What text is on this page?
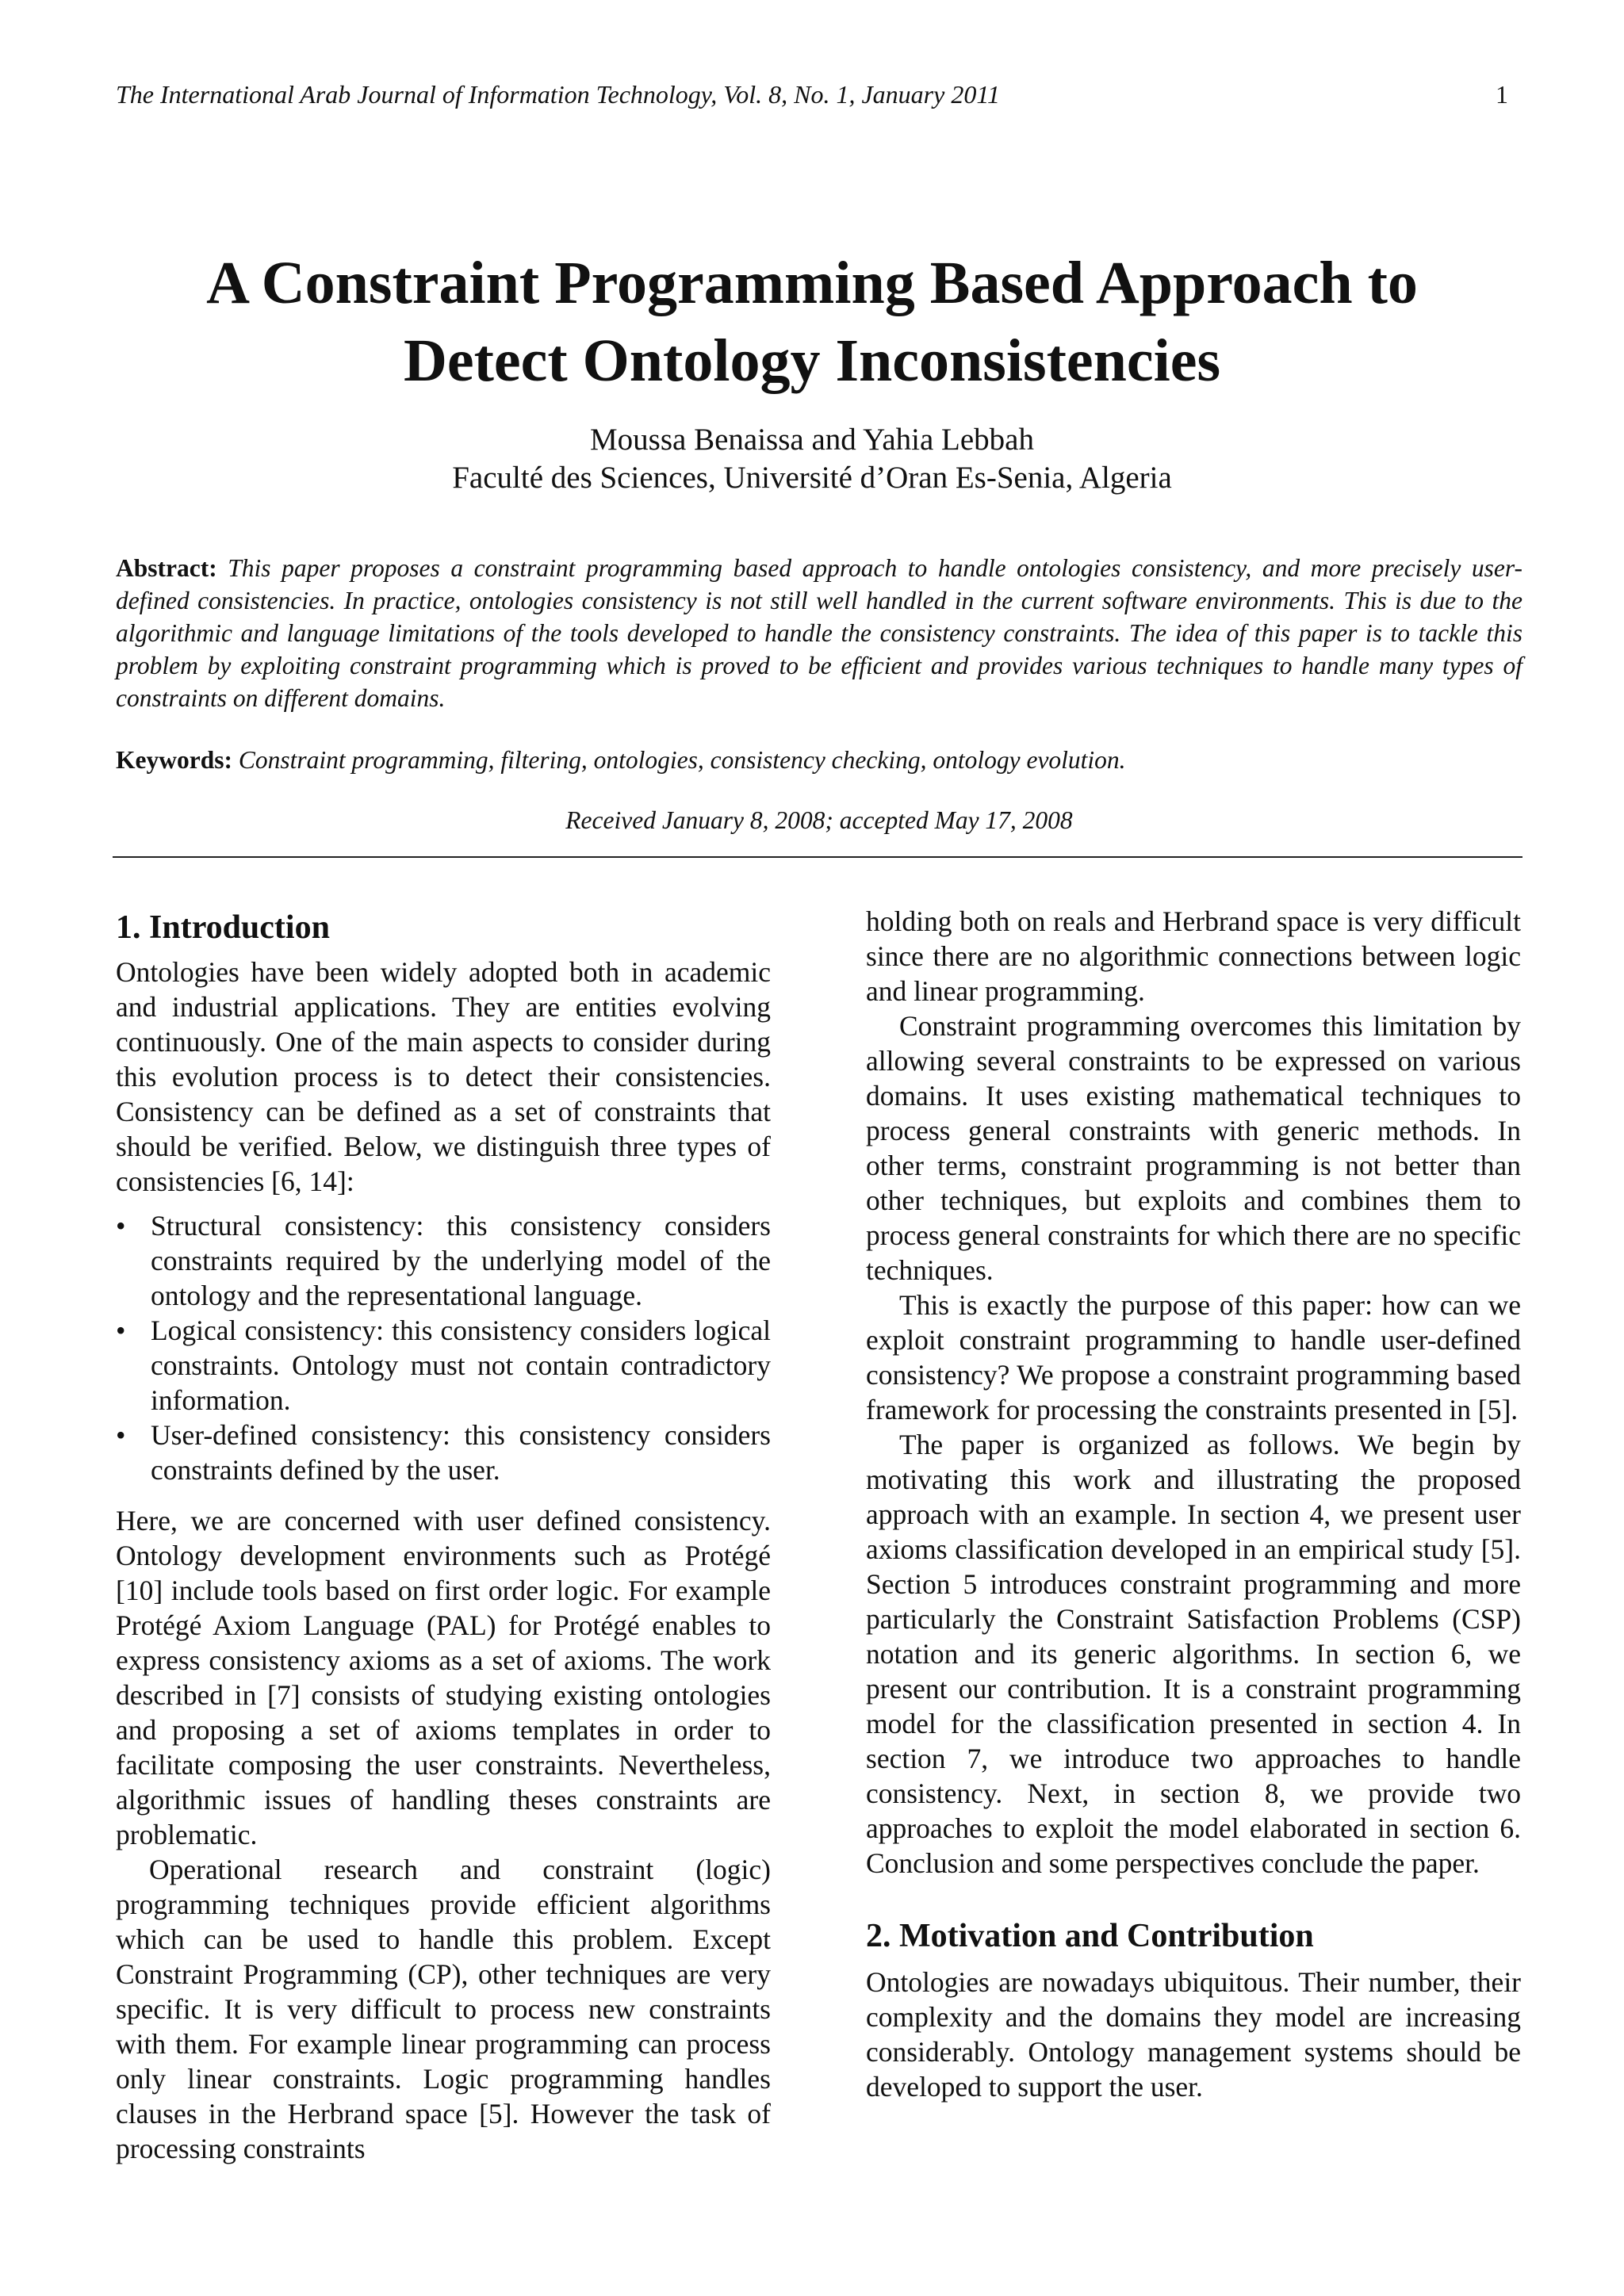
The International Arab Journal of Information Technology, Vol. 8, No. 1, January 2011	1
A Constraint Programming Based Approach to
Detect Ontology Inconsistencies
Moussa Benaissa and Yahia Lebbah
Faculté des Sciences, Université d’Oran Es-Senia, Algeria

Abstract: This paper proposes a constraint programming based approach to handle ontologies consistency, and more precisely user-defined consistencies. In practice, ontologies consistency is not still well handled in the current software environments. This is due to the algorithmic and language limitations of the tools developed to handle the consistency constraints. The idea of this paper is to tackle this problem by exploiting constraint programming which is proved to be efficient and provides various techniques to handle many types of constraints on different domains.

Keywords: Constraint programming, filtering, ontologies, consistency checking, ontology evolution.

Received January 8, 2008; accepted May 17, 2008
1. Introduction

Ontologies have been widely adopted both in academic and industrial applications. They are entities evolving continuously. One of the main aspects to consider during this evolution process is to detect their consistencies. Consistency can be defined as a set of constraints that should be verified. Below, we distinguish three types of consistencies [6, 14]:

• Structural consistency: this consistency considers constraints required by the underlying model of the ontology and the representational language.
• Logical consistency: this consistency considers logical constraints. Ontology must not contain contradictory information.
• User-defined consistency: this consistency considers constraints defined by the user.

Here, we are concerned with user defined consistency. Ontology development environments such as Protégé [10] include tools based on first order logic. For example Protégé Axiom Language (PAL) for Protégé enables to express consistency axioms as a set of axioms. The work described in [7] consists of studying existing ontologies and proposing a set of axioms templates in order to facilitate composing the user constraints. Nevertheless, algorithmic issues of handling theses constraints are problematic.

Operational research and constraint (logic) programming techniques provide efficient algorithms which can be used to handle this problem. Except Constraint Programming (CP), other techniques are very specific. It is very difficult to process new constraints with them. For example linear programming can process only linear constraints. Logic programming handles clauses in the Herbrand space [5]. However the task of processing constraints

holding both on reals and Herbrand space is very difficult since there are no algorithmic connections between logic and linear programming.

Constraint programming overcomes this limitation by allowing several constraints to be expressed on various domains. It uses existing mathematical techniques to process general constraints with generic methods. In other terms, constraint programming is not better than other techniques, but exploits and combines them to process general constraints for which there are no specific techniques.

This is exactly the purpose of this paper: how can we exploit constraint programming to handle user-defined consistency? We propose a constraint programming based framework for processing the constraints presented in [5].

The paper is organized as follows. We begin by motivating this work and illustrating the proposed approach with an example. In section 4, we present user axioms classification developed in an empirical study [5]. Section 5 introduces constraint programming and more particularly the Constraint Satisfaction Problems (CSP) notation and its generic algorithms. In section 6, we present our contribution. It is a constraint programming model for the classification presented in section 4. In section 7, we introduce two approaches to handle consistency. Next, in section 8, we provide two approaches to exploit the model elaborated in section 6. Conclusion and some perspectives conclude the paper.

2. Motivation and Contribution

Ontologies are nowadays ubiquitous. Their number, their complexity and the domains they model are increasing considerably. Ontology management systems should be developed to support the user.
